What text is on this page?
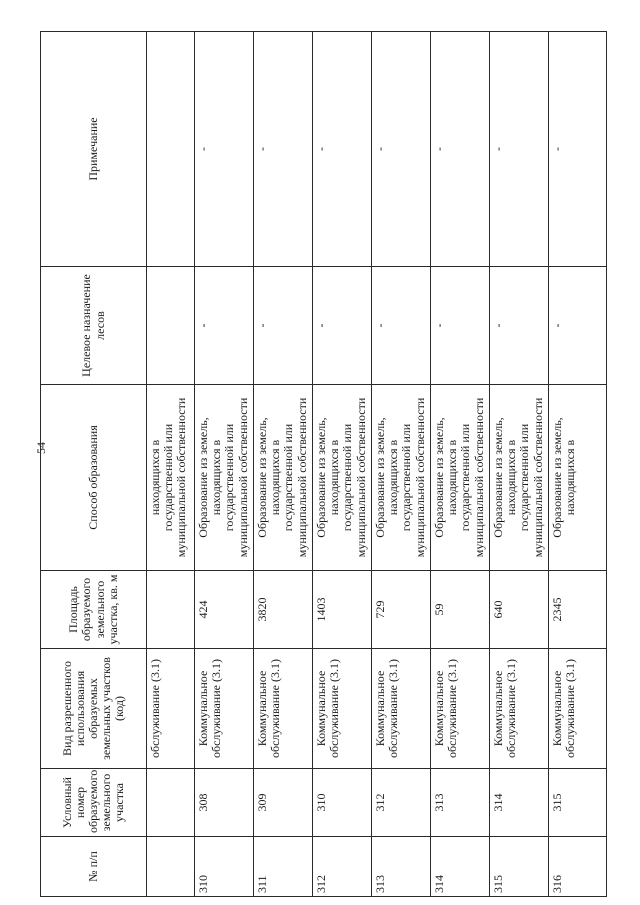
54
№ п/п	Условный номер образуемого земельного участка	Вид разрешенного использования образуемых земельных участков (код)	Площадь образуемого земельного участка, кв. м	Способ образования	Целевое назначение лесов	Примечание
		обслуживание (3.1)		находящихся в государственной или муниципальной собственности		

310	308	Коммунальное обслуживание (3.1)	424	Образование из земель, находящихся в государственной или муниципальной собственности	-	-
311	309	Коммунальное обслуживание (3.1)	3820	Образование из земель, находящихся в государственной или муниципальной собственности	-	-
312	310	Коммунальное обслуживание (3.1)	1403	Образование из земель, находящихся в государственной или муниципальной собственности	-	-
313	312	Коммунальное обслуживание (3.1)	729	Образование из земель, находящихся в государственной или муниципальной собственности	-	-
314	313	Коммунальное обслуживание (3.1)	59	Образование из земель, находящихся в государственной или муниципальной собственности	-	-
315	314	Коммунальное обслуживание (3.1)	640	Образование из земель, находящихся в государственной или муниципальной собственности	-	-
316	315	Коммунальное обслуживание (3.1)	2345	Образование из земель, находящихся в	-	-
